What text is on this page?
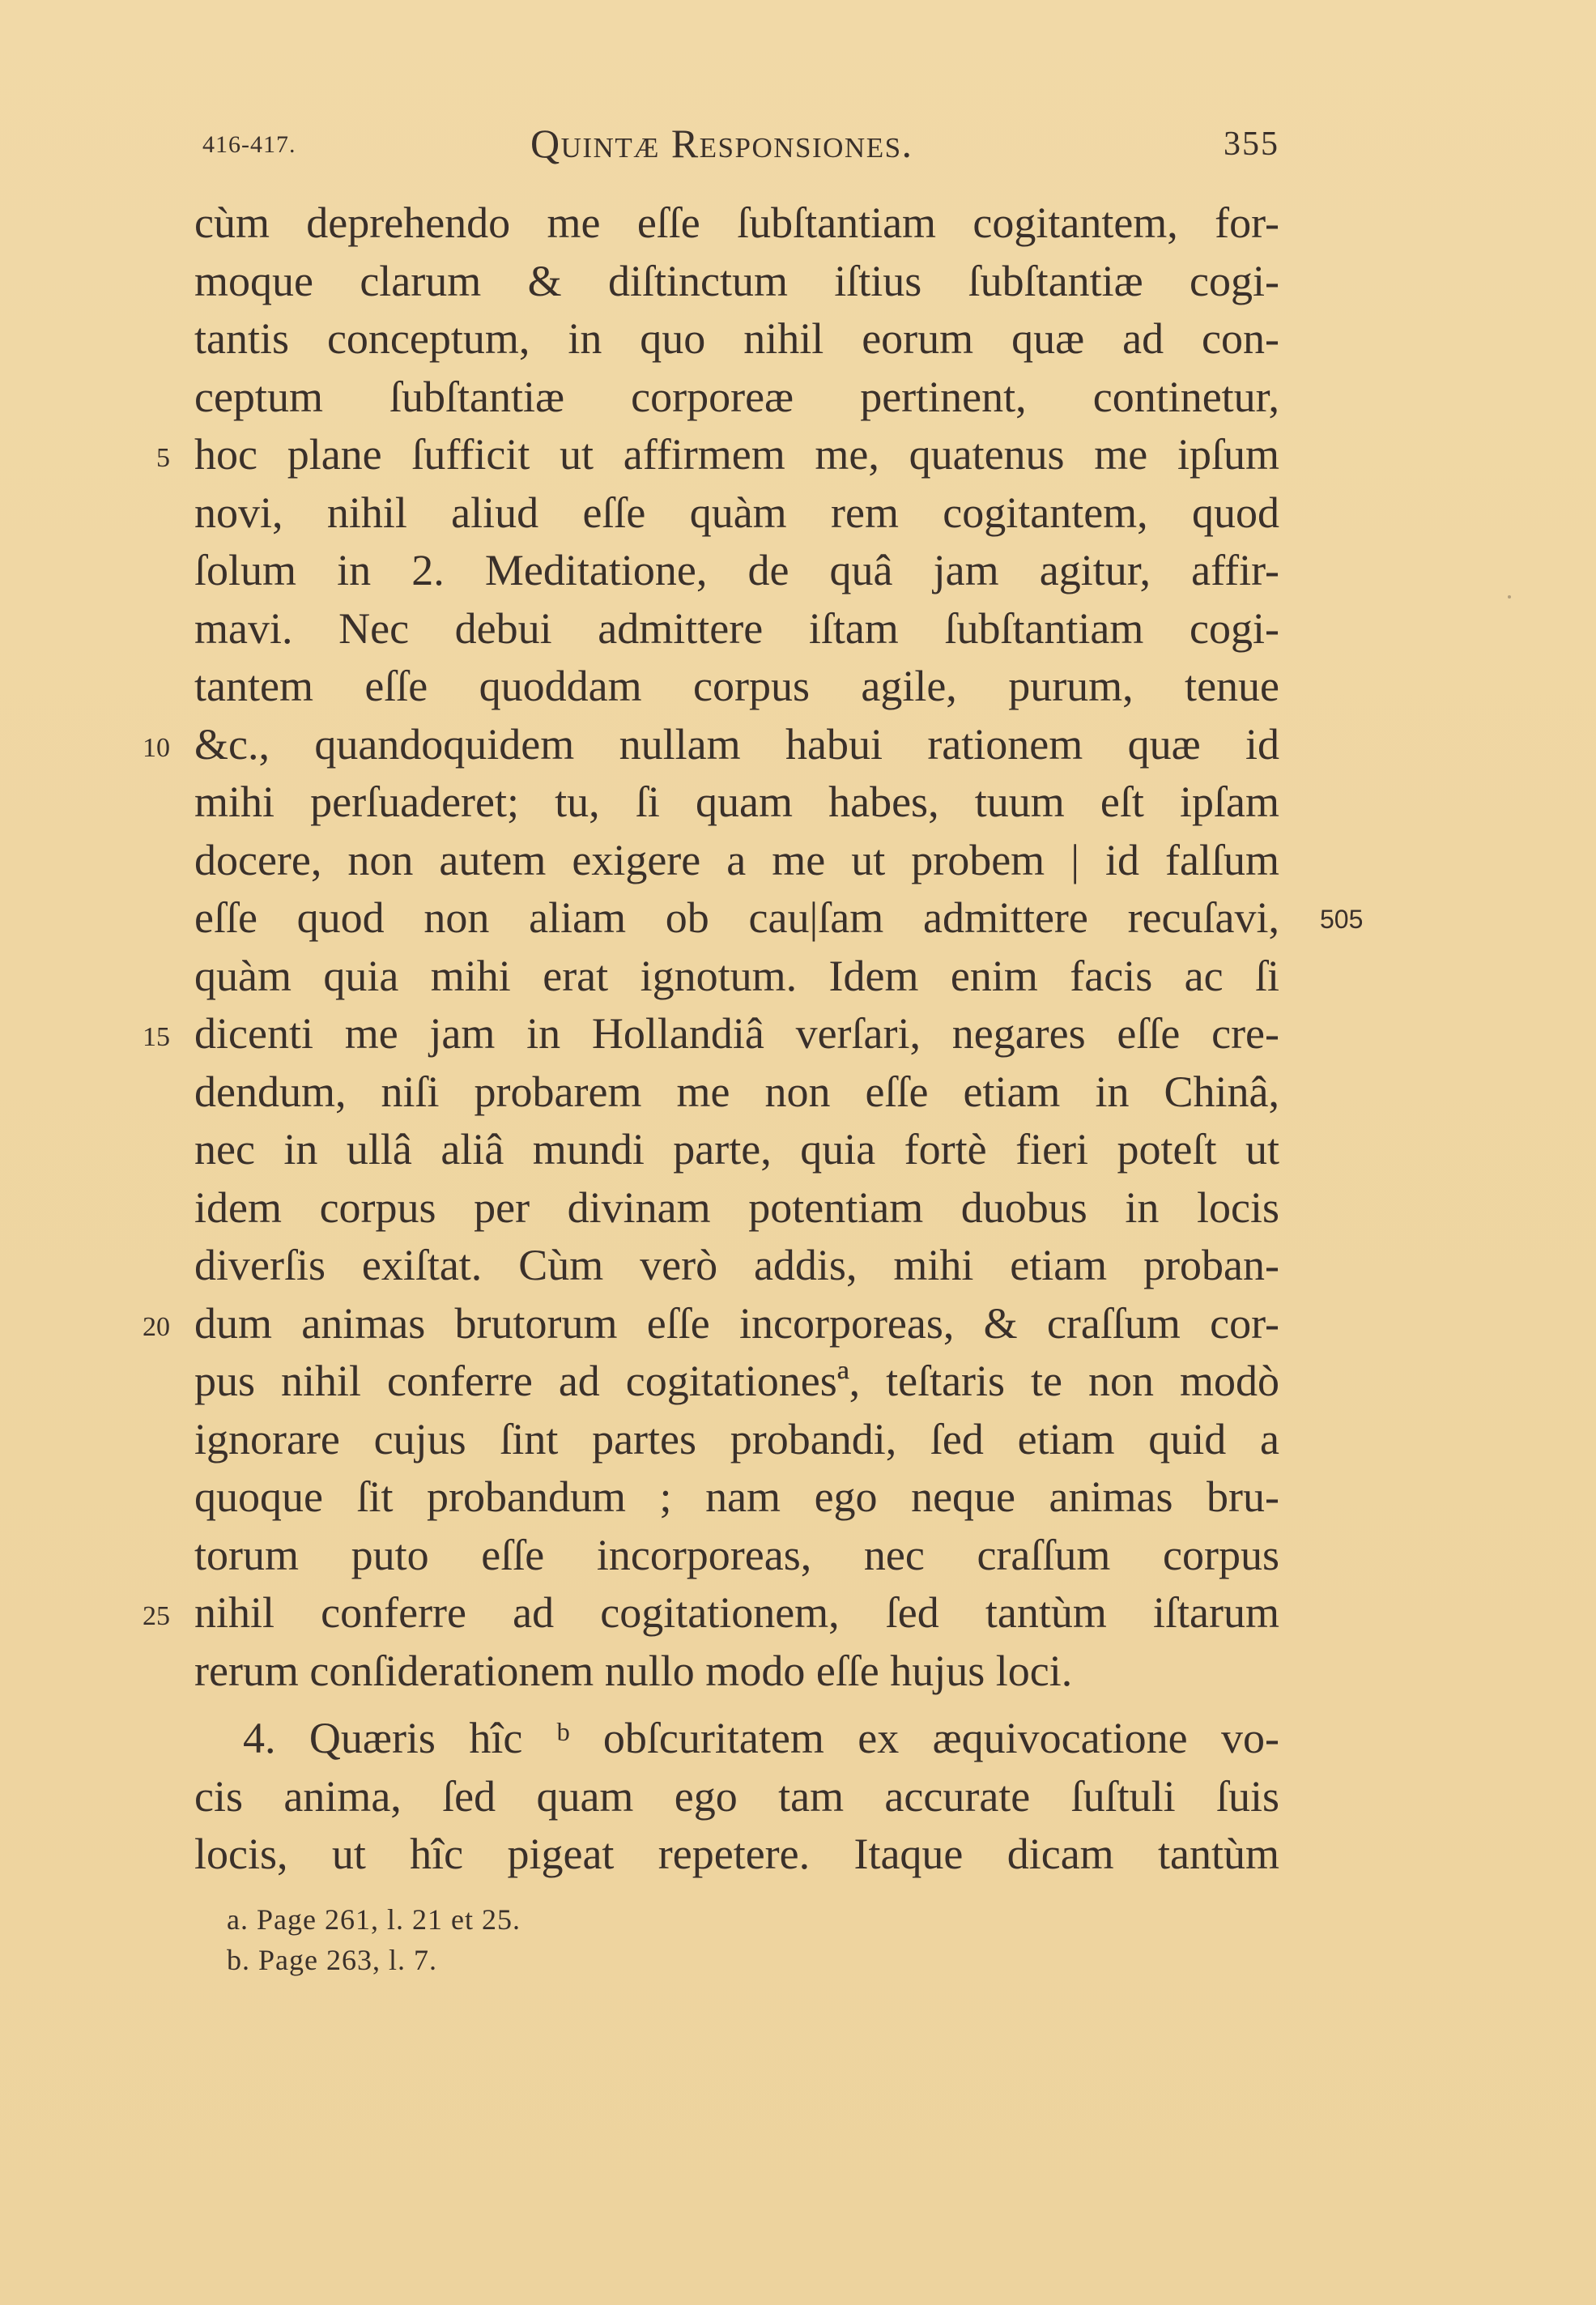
416-417.	Quintæ Responsiones.	355
cùm deprehendo me eſſe ſubſtantiam cogitantem, for-
moque clarum & diſtinctum iſtius ſubſtantiæ cogi-
tantis conceptum, in quo nihil eorum quæ ad con-
ceptum ſubſtantiæ corporeæ pertinent, continetur,
5 hoc plane ſufficit ut affirmem me, quatenus me ipſum
novi, nihil aliud eſſe quàm rem cogitantem, quod
ſolum in 2. Meditatione, de quâ jam agitur, affir-
mavi. Nec debui admittere iſtam ſubſtantiam cogi-
tantem eſſe quoddam corpus agile, purum, tenue
10 &c., quandoquidem nullam habui rationem quæ id
mihi perſuaderet; tu, ſi quam habes, tuum eſt ipſam
docere, non autem exigere a me ut probem | id falſum
eſſe quod non aliam ob cau|ſam admittere recuſavi, 505
quàm quia mihi erat ignotum. Idem enim facis ac ſi
15 dicenti me jam in Hollandiâ verſari, negares eſſe cre-
dendum, niſi probarem me non eſſe etiam in Chinâ,
nec in ullâ aliâ mundi parte, quia fortè fieri poteſt ut
idem corpus per divinam potentiam duobus in locis
diverſis exiſtat. Cùm verò addis, mihi etiam proban-
20 dum animas brutorum eſſe incorporeas, & craſſum cor-
pus nihil conferre ad cogitationesª, teſtaris te non modò
ignorare cujus ſint partes probandi, ſed etiam quid a
quoque ſit probandum ; nam ego neque animas bru-
torum puto eſſe incorporeas, nec craſſum corpus
25 nihil conferre ad cogitationem, ſed tantùm iſtarum
rerum conſiderationem nullo modo eſſe hujus loci.
4. Quæris hîc ᵇ obſcuritatem ex æquivocatione vo-
cis anima, ſed quam ego tam accurate ſuſtuli ſuis
locis, ut hîc pigeat repetere. Itaque dicam tantùm
a. Page 261, l. 21 et 25.
b. Page 263, l. 7.
